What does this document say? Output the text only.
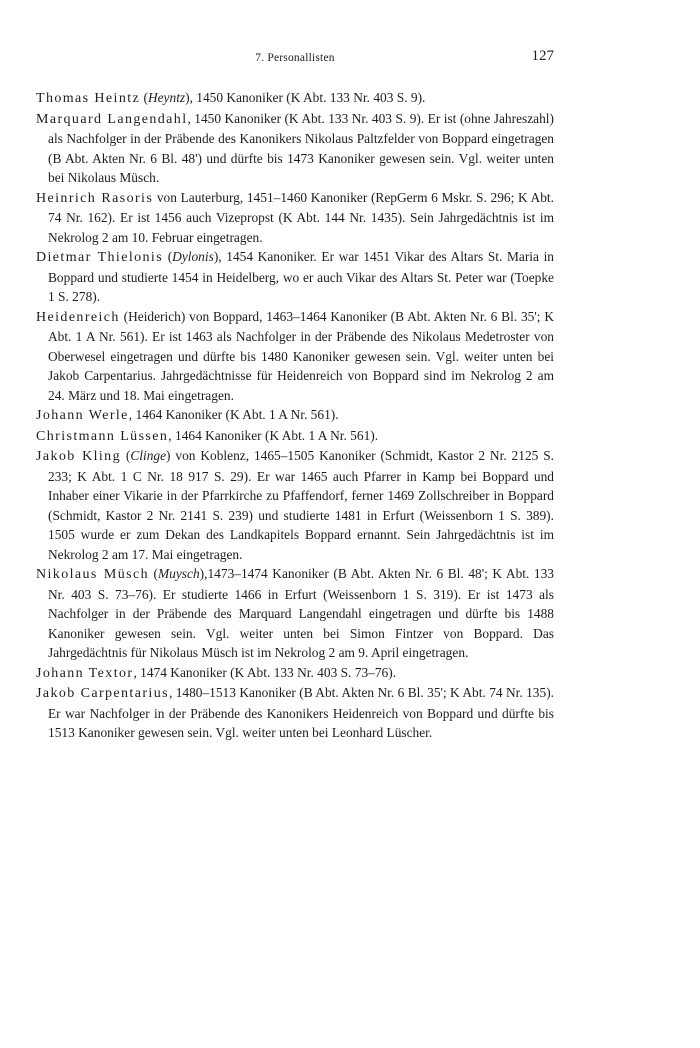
7. Personallisten	127

Thomas Heintz (Heyntz), 1450 Kanoniker (K Abt. 133 Nr. 403 S. 9).

Marquard Langendahl, 1450 Kanoniker (K Abt. 133 Nr. 403 S. 9). Er ist (ohne Jahreszahl) als Nachfolger in der Präbende des Kanonikers Nikolaus Paltzfelder von Boppard eingetragen (B Abt. Akten Nr. 6 Bl. 48') und dürfte bis 1473 Kanoniker gewesen sein. Vgl. weiter unten bei Nikolaus Müsch.

Heinrich Rasoris von Lauterburg, 1451–1460 Kanoniker (RepGerm 6 Mskr. S. 296; K Abt. 74 Nr. 162). Er ist 1456 auch Vizepropst (K Abt. 144 Nr. 1435). Sein Jahrgedächtnis ist im Nekrolog 2 am 10. Februar eingetragen.

Dietmar Thielonis (Dylonis), 1454 Kanoniker. Er war 1451 Vikar des Altars St. Maria in Boppard und studierte 1454 in Heidelberg, wo er auch Vikar des Altars St. Peter war (Toepke 1 S. 278).

Heidenreich (Heiderich) von Boppard, 1463–1464 Kanoniker (B Abt. Akten Nr. 6 Bl. 35'; K Abt. 1 A Nr. 561). Er ist 1463 als Nachfolger in der Präbende des Nikolaus Medetroster von Oberwesel eingetragen und dürfte bis 1480 Kanoniker gewesen sein. Vgl. weiter unten bei Jakob Carpentarius. Jahrgedächtnisse für Heidenreich von Boppard sind im Nekrolog 2 am 24. März und 18. Mai eingetragen.

Johann Werle, 1464 Kanoniker (K Abt. 1 A Nr. 561).

Christmann Lüssen, 1464 Kanoniker (K Abt. 1 A Nr. 561).

Jakob Kling (Clinge) von Koblenz, 1465–1505 Kanoniker (Schmidt, Kastor 2 Nr. 2125 S. 233; K Abt. 1 C Nr. 18 917 S. 29). Er war 1465 auch Pfarrer in Kamp bei Boppard und Inhaber einer Vikarie in der Pfarrkirche zu Pfaffendorf, ferner 1469 Zollschreiber in Boppard (Schmidt, Kastor 2 Nr. 2141 S. 239) und studierte 1481 in Erfurt (Weissenborn 1 S. 389). 1505 wurde er zum Dekan des Landkapitels Boppard ernannt. Sein Jahrgedächtnis ist im Nekrolog 2 am 17. Mai eingetragen.

Nikolaus Müsch (Muysch),1473–1474 Kanoniker (B Abt. Akten Nr. 6 Bl. 48'; K Abt. 133 Nr. 403 S. 73–76). Er studierte 1466 in Erfurt (Weissenborn 1 S. 319). Er ist 1473 als Nachfolger in der Präbende des Marquard Langendahl eingetragen und dürfte bis 1488 Kanoniker gewesen sein. Vgl. weiter unten bei Simon Fintzer von Boppard. Das Jahrgedächtnis für Nikolaus Müsch ist im Nekrolog 2 am 9. April eingetragen.

Johann Textor, 1474 Kanoniker (K Abt. 133 Nr. 403 S. 73–76).

Jakob Carpentarius, 1480–1513 Kanoniker (B Abt. Akten Nr. 6 Bl. 35'; K Abt. 74 Nr. 135). Er war Nachfolger in der Präbende des Kanonikers Heidenreich von Boppard und dürfte bis 1513 Kanoniker gewesen sein. Vgl. weiter unten bei Leonhard Lüscher.
